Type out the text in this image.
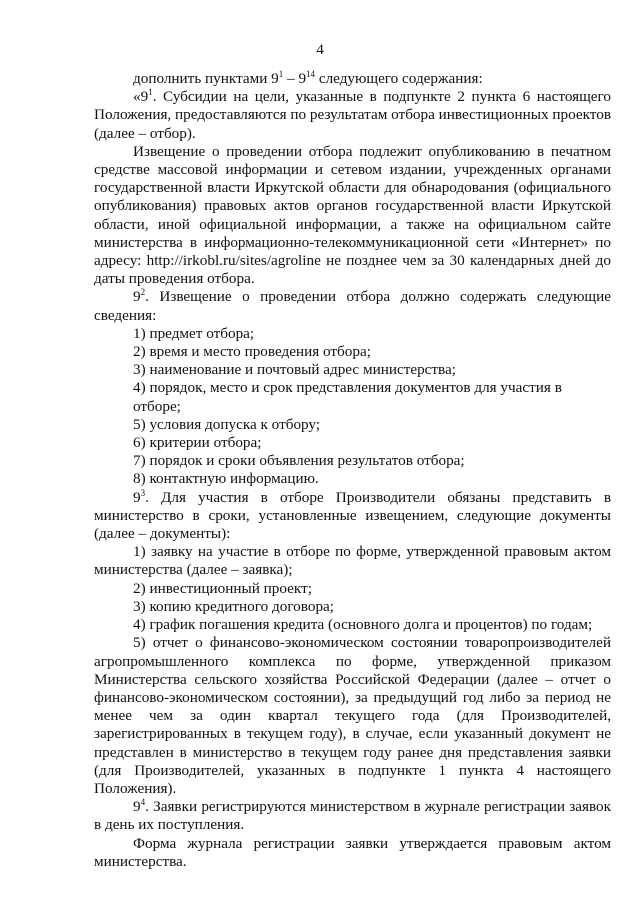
4

дополнить пунктами $9^1 - 9^{14}$ следующего содержания:

«$9^1$. Субсидии на цели, указанные в подпункте 2 пункта 6 настоящего Положения, предоставляются по результатам отбора инвестиционных проектов (далее – отбор).

Извещение о проведении отбора подлежит опубликованию в печатном средстве массовой информации и сетевом издании, учрежденных органами государственной власти Иркутской области для обнародования (официального опубликования) правовых актов органов государственной власти Иркутской области, иной официальной информации, а также на официальном сайте министерства в информационно-телекоммуникационной сети «Интернет» по адресу: http://irkobl.ru/sites/agroline не позднее чем за 30 календарных дней до даты проведения отбора.

$9^2$. Извещение о проведении отбора должно содержать следующие сведения:

1) предмет отбора;

2) время и место проведения отбора;

3) наименование и почтовый адрес министерства;

4) порядок, место и срок представления документов для участия в отборе;

5) условия допуска к отбору;

6) критерии отбора;

7) порядок и сроки объявления результатов отбора;

8) контактную информацию.

$9^3$. Для участия в отборе Производители обязаны представить в министерство в сроки, установленные извещением, следующие документы (далее – документы):

1) заявку на участие в отборе по форме, утвержденной правовым актом министерства (далее – заявка);

2) инвестиционный проект;

3) копию кредитного договора;

4) график погашения кредита (основного долга и процентов) по годам;

5) отчет о финансово-экономическом состоянии товаропроизводителей агропромышленного комплекса по форме, утвержденной приказом Министерства сельского хозяйства Российской Федерации (далее – отчет о финансово-экономическом состоянии), за предыдущий год либо за период не менее чем за один квартал текущего года (для Производителей, зарегистрированных в текущем году), в случае, если указанный документ не представлен в министерство в текущем году ранее дня представления заявки (для Производителей, указанных в подпункте 1 пункта 4 настоящего Положения).

$9^4$. Заявки регистрируются министерством в журнале регистрации заявок в день их поступления.

Форма журнала регистрации заявки утверждается правовым актом министерства.
